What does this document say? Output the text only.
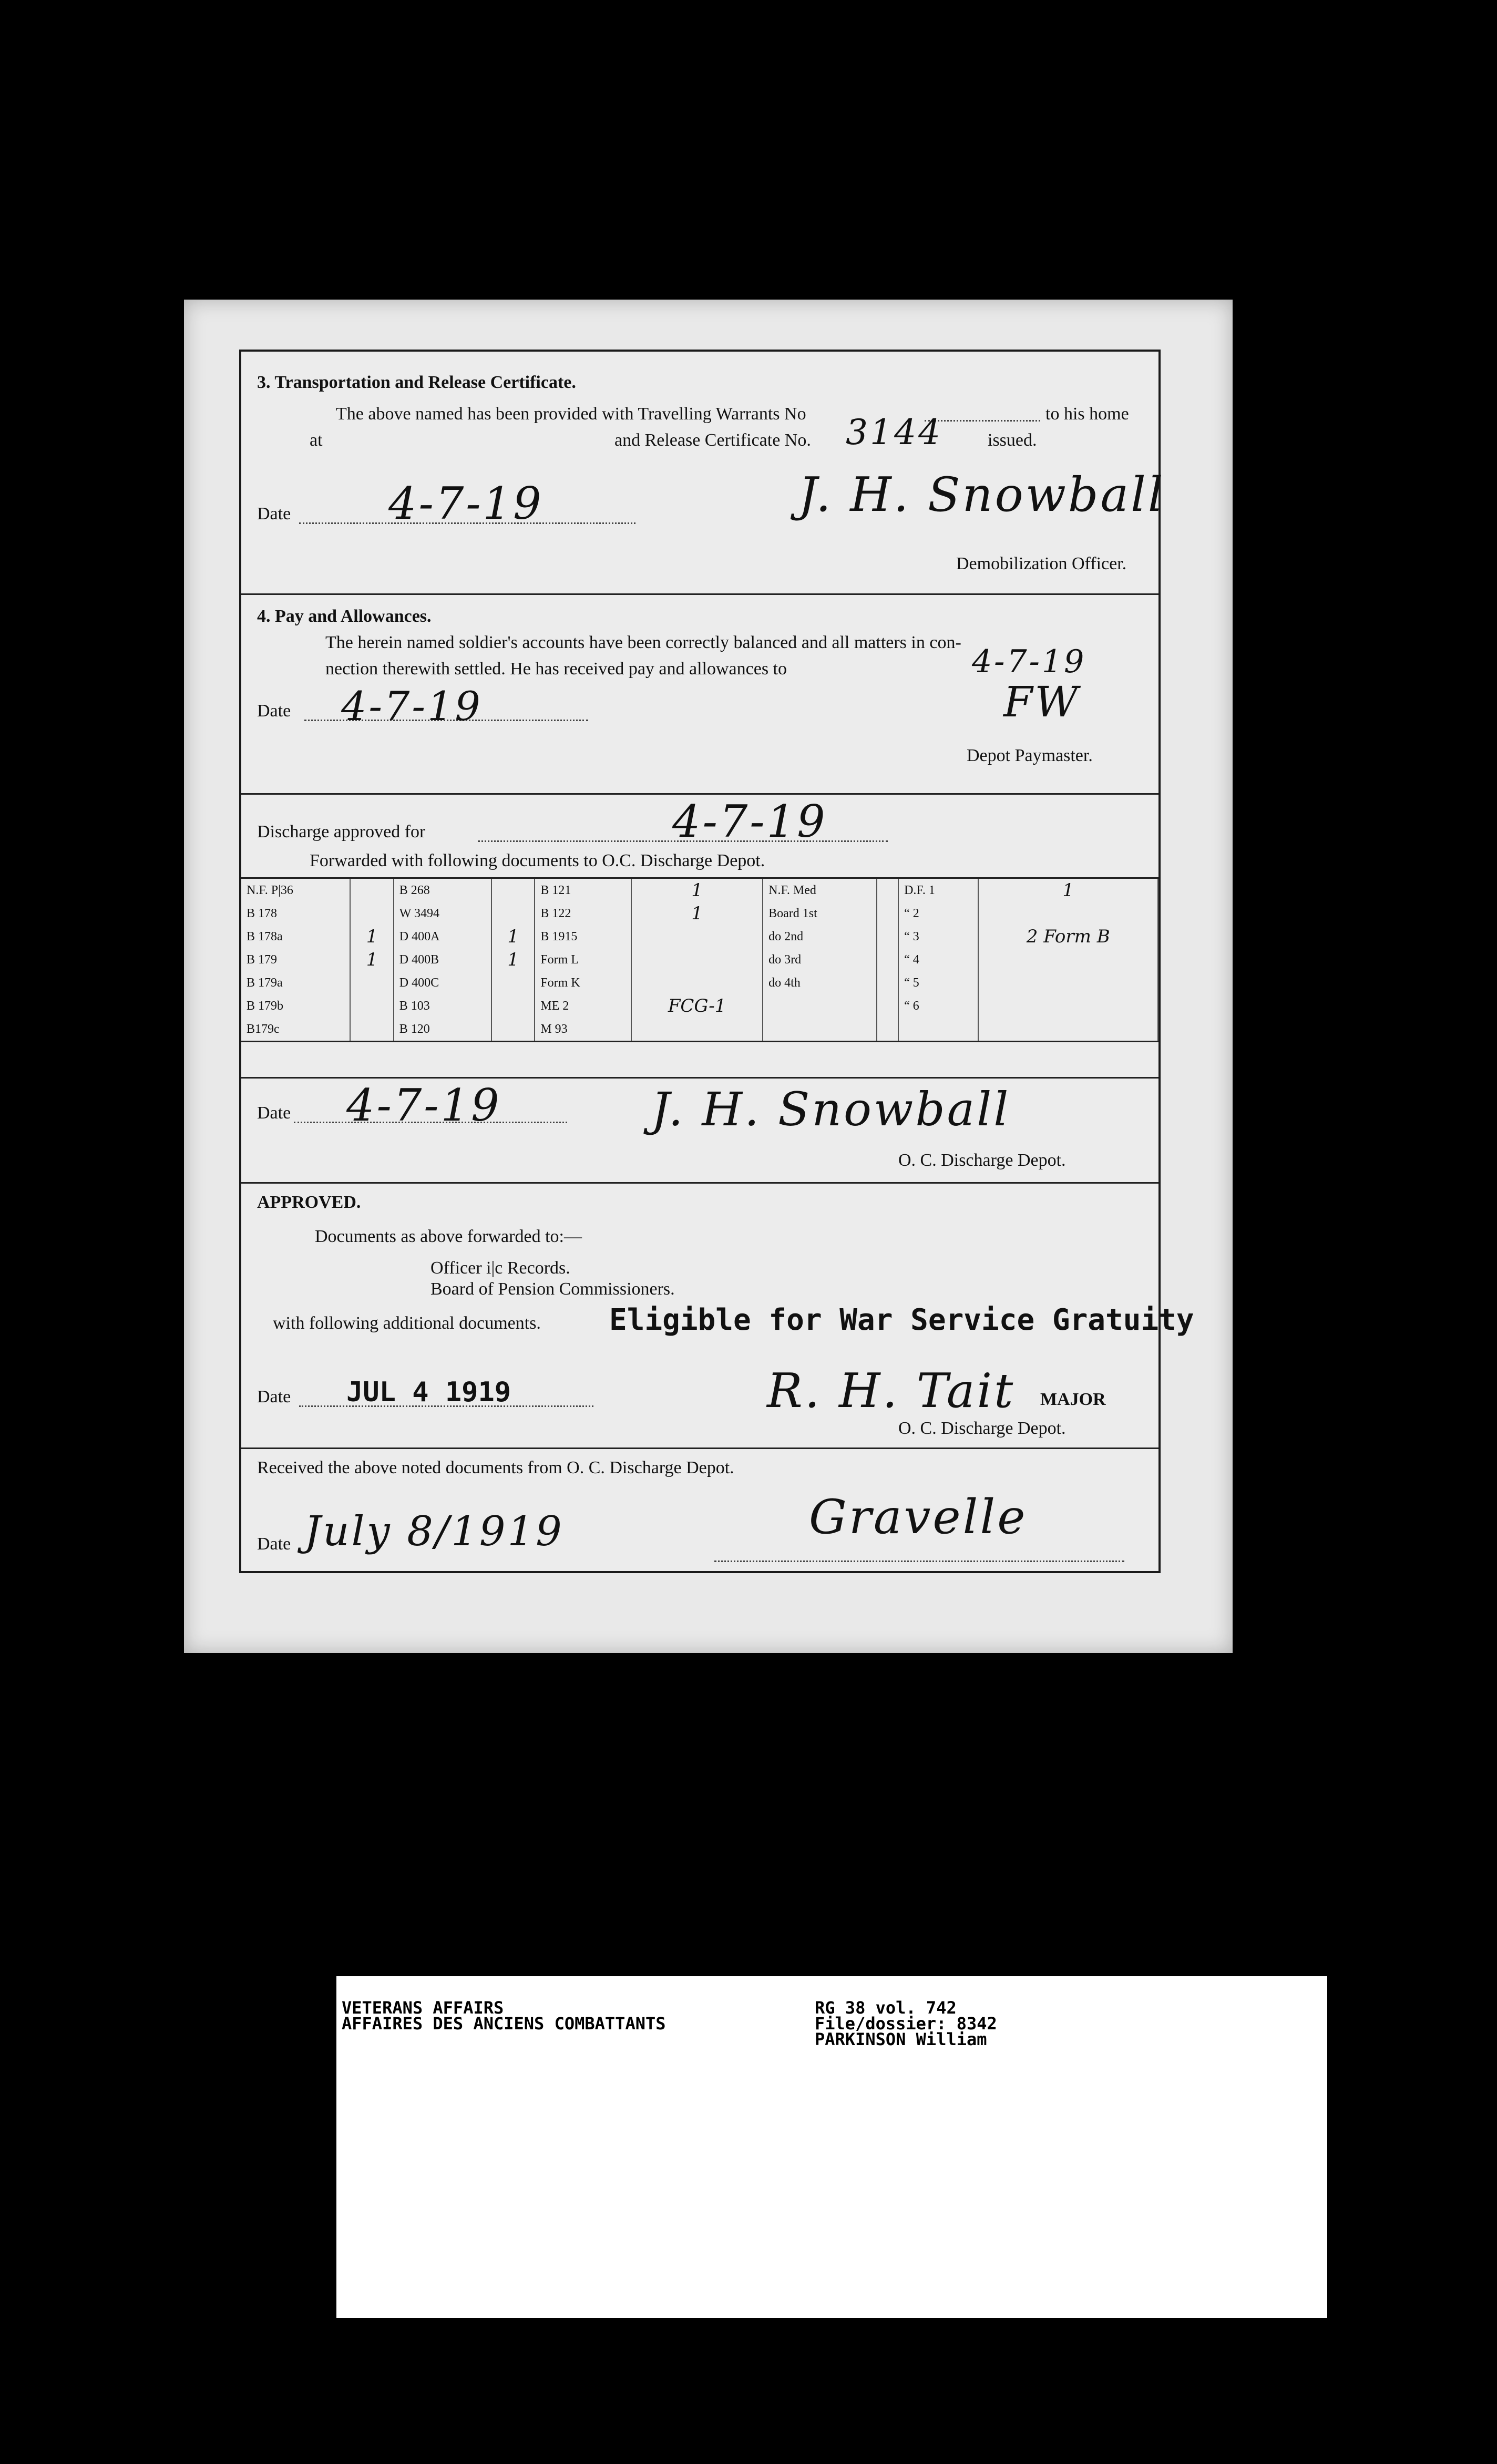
3. Transportation and Release Certificate.
The above named has been provided with Travelling Warrants No	to his home
at	and Release Certificate No. 3144	issued.
Date 4-7-19	J. H. Snowball
Demobilization Officer.
4. Pay and Allowances.
The herein named soldier's accounts have been correctly balanced and all matters in con-
nection therewith settled. He has received pay and allowances to	4-7-19
Date 4-7-19	FW
Depot Paymaster.
Discharge approved for	4-7-19
Forwarded with following documents to O.C. Discharge Depot.
N.F. P|36		B 268		B 121	1	N.F. Med		D.F. 1	1
B 178		W 3494		B 122	1	Board 1st		“ 2	
B 178a	1	D 400A	1	B 1915		do 2nd		“ 3	2 Form B
B 179	1	D 400B	1	Form L		do 3rd		“ 4	
B 179a		D 400C		Form K		do 4th		“ 5	
B 179b		B 103		ME 2	FCG-1			“ 6	
B179c		B 120		M 93					
Date 4-7-19	J. H. Snowball
O. C. Discharge Depot.
APPROVED.
Documents as above forwarded to:—
Officer i|c Records.
Board of Pension Commissioners.
with following additional documents. Eligible for War Service Gratuity
Date JUL 4 1919	R. H. Tait MAJOR
O. C. Discharge Depot.
Received the above noted documents from O. C. Discharge Depot.
Date July 8/1919	Gravelle
VETERANS AFFAIRS
AFFAIRES DES ANCIENS COMBATTANTS
RG 38 vol. 742
File/dossier: 8342
PARKINSON William
